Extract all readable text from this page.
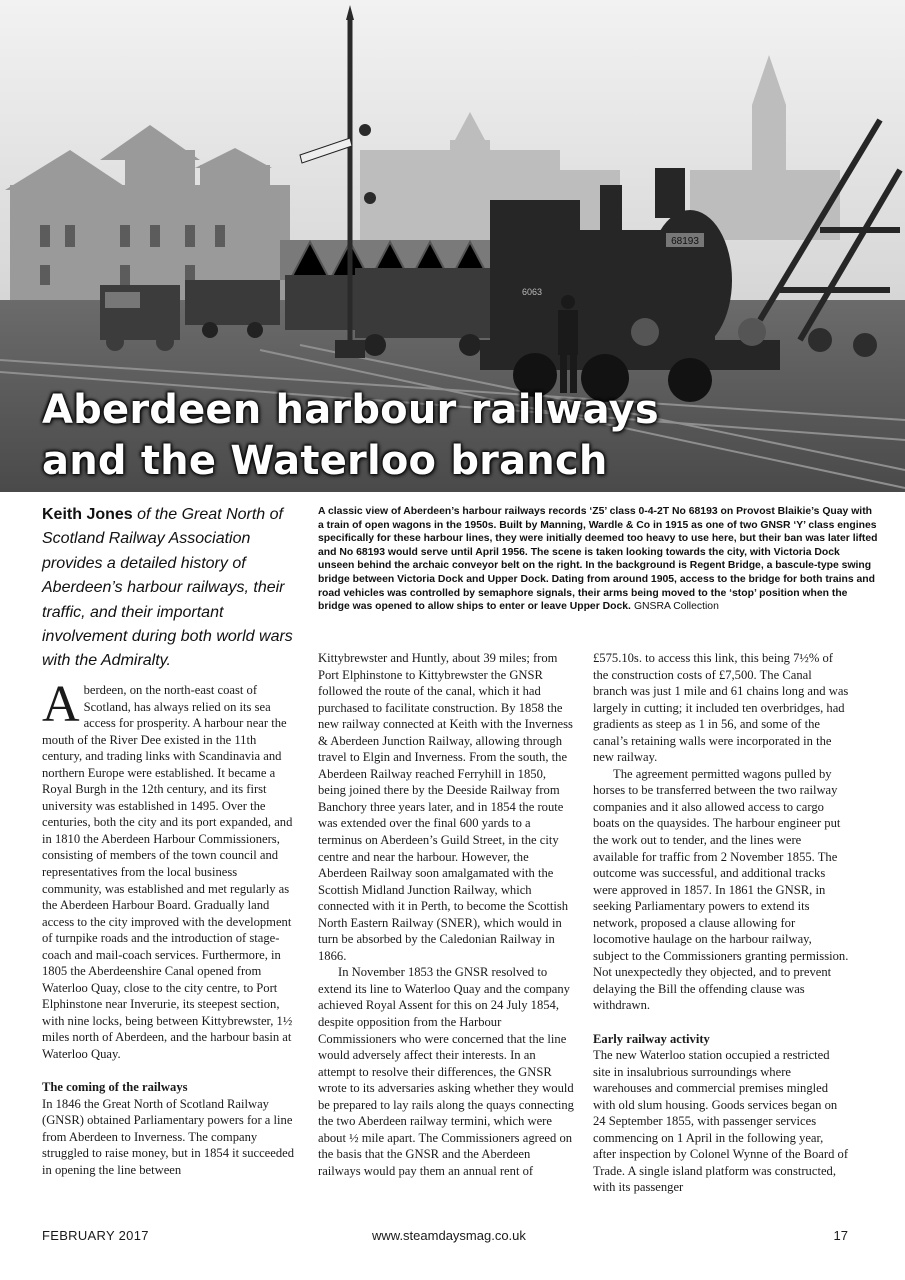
68193
6063
Aberdeen harbour railways
and the Waterloo branch
Keith Jones of the Great North of Scotland Railway Association provides a detailed history of Aberdeen’s harbour railways, their traffic, and their important involvement during both world wars with the Admiralty.
A classic view of Aberdeen’s harbour railways records ‘Z5’ class 0-4-2T No 68193 on Provost Blaikie’s Quay with a train of open wagons in the 1950s. Built by Manning, Wardle & Co in 1915 as one of two GNSR ‘Y’ class engines specifically for these harbour lines, they were initially deemed too heavy to use here, but their ban was later lifted and No 68193 would serve until April 1956. The scene is taken looking towards the city, with Victoria Dock unseen behind the archaic conveyor belt on the right. In the background is Regent Bridge, a bascule-type swing bridge between Victoria Dock and Upper Dock. Dating from around 1905, access to the bridge for both trains and road vehicles was controlled by semaphore signals, their arms being moved to the ‘stop’ position when the bridge was opened to allow ships to enter or leave Upper Dock. GNSRA Collection

Aberdeen, on the north-east coast of Scotland, has always relied on its sea access for prosperity. A harbour near the mouth of the River Dee existed in the 11th century, and trading links with Scandinavia and northern Europe were established. It became a Royal Burgh in the 12th century, and its first university was established in 1495. Over the centuries, both the city and its port expanded, and in 1810 the Aberdeen Harbour Commissioners, consisting of members of the town council and representatives from the local business community, was established and met regularly as the Aberdeen Harbour Board. Gradually land access to the city improved with the development of turnpike roads and the introduction of stage-coach and mail-coach services. Furthermore, in 1805 the Aberdeenshire Canal opened from Waterloo Quay, close to the city centre, to Port Elphinstone near Inverurie, its steepest section, with nine locks, being between Kittybrewster, 1½ miles north of Aberdeen, and the harbour basin at Waterloo Quay.

The coming of the railways

In 1846 the Great North of Scotland Railway (GNSR) obtained Parliamentary powers for a line from Aberdeen to Inverness. The company struggled to raise money, but in 1854 it succeeded in opening the line between

Kittybrewster and Huntly, about 39 miles; from Port Elphinstone to Kittybrewster the GNSR followed the route of the canal, which it had purchased to facilitate construction. By 1858 the new railway connected at Keith with the Inverness & Aberdeen Junction Railway, allowing through travel to Elgin and Inverness. From the south, the Aberdeen Railway reached Ferryhill in 1850, being joined there by the Deeside Railway from Banchory three years later, and in 1854 the route was extended over the final 600 yards to a terminus on Aberdeen’s Guild Street, in the city centre and near the harbour. However, the Aberdeen Railway soon amalgamated with the Scottish Midland Junction Railway, which connected with it in Perth, to become the Scottish North Eastern Railway (SNER), which would in turn be absorbed by the Caledonian Railway in 1866.

In November 1853 the GNSR resolved to extend its line to Waterloo Quay and the company achieved Royal Assent for this on 24 July 1854, despite opposition from the Harbour Commissioners who were concerned that the line would adversely affect their interests. In an attempt to resolve their differences, the GNSR wrote to its adversaries asking whether they would be prepared to lay rails along the quays connecting the two Aberdeen railway termini, which were about ½ mile apart. The Commissioners agreed on the basis that the GNSR and the Aberdeen railways would pay them an annual rent of

£575.10s. to access this link, this being 7½% of the construction costs of £7,500. The Canal branch was just 1 mile and 61 chains long and was largely in cutting; it included ten overbridges, had gradients as steep as 1 in 56, and some of the canal’s retaining walls were incorporated in the new railway.

The agreement permitted wagons pulled by horses to be transferred between the two railway companies and it also allowed access to cargo boats on the quaysides. The harbour engineer put the work out to tender, and the lines were available for traffic from 2 November 1855. The outcome was successful, and additional tracks were approved in 1857. In 1861 the GNSR, in seeking Parliamentary powers to extend its network, proposed a clause allowing for locomotive haulage on the harbour railway, subject to the Commissioners granting permission. Not unexpectedly they objected, and to prevent delaying the Bill the offending clause was withdrawn.

Early railway activity

The new Waterloo station occupied a restricted site in insalubrious surroundings where warehouses and commercial premises mingled with old slum housing. Goods services began on 24 September 1855, with passenger services commencing on 1 April in the following year, after inspection by Colonel Wynne of the Board of Trade. A single island platform was constructed, with its passenger

FEBRUARY 2017	www.steamdaysmag.co.uk	17
